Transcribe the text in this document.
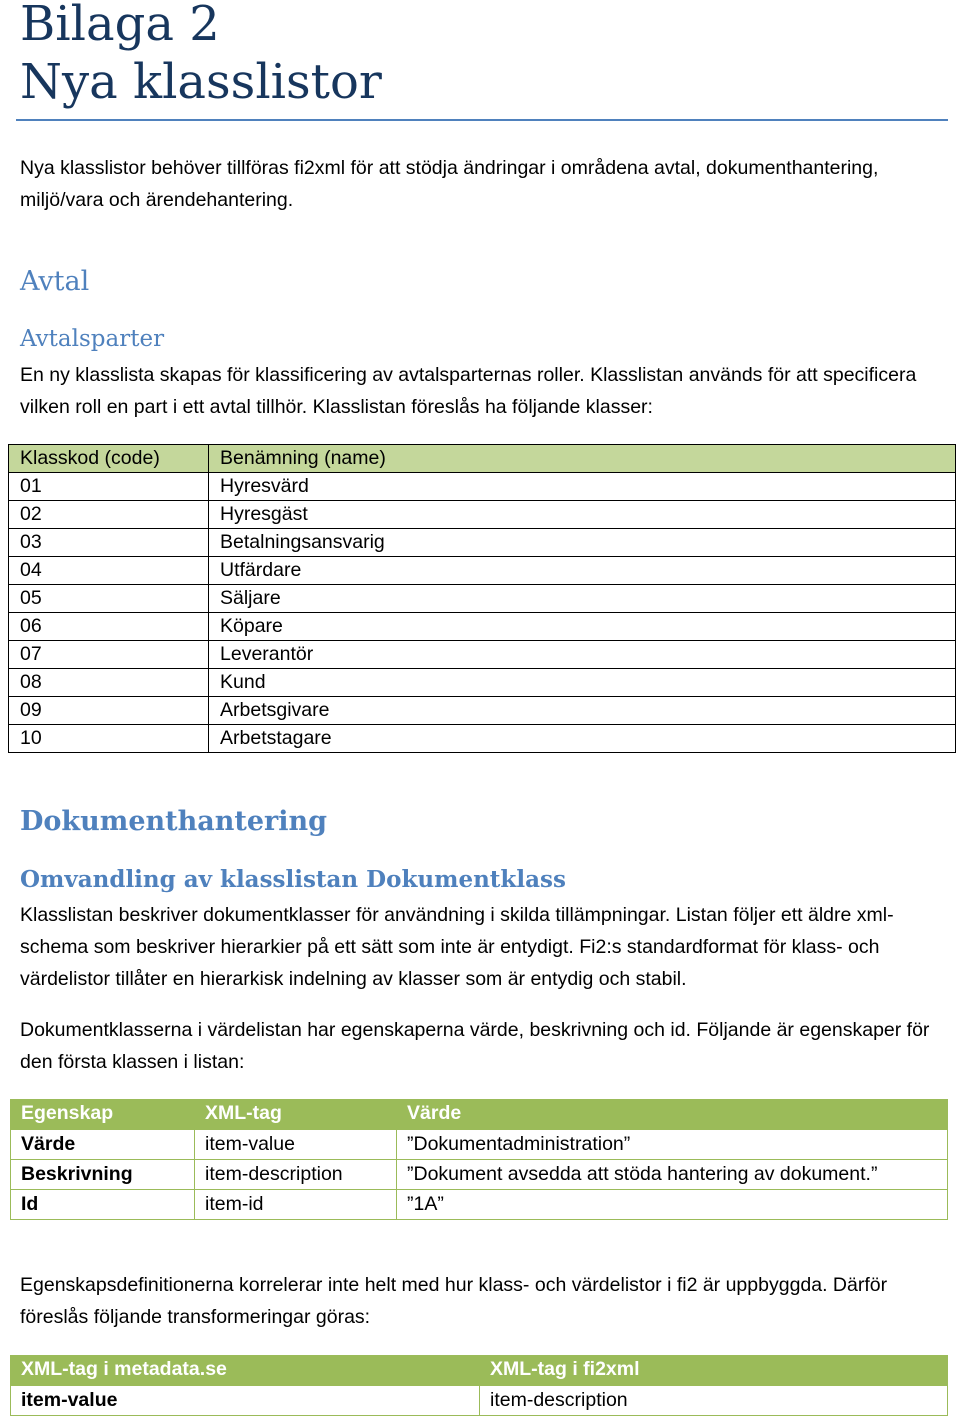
Bilaga 2
Nya klasslistor
Nya klasslistor behöver tillföras fi2xml för att stödja ändringar i områdena avtal, dokumenthantering, miljö/vara och ärendehantering.
Avtal
Avtalsparter
En ny klasslista skapas för klassificering av avtalsparternas roller. Klasslistan används för att specificera vilken roll en part i ett avtal tillhör. Klasslistan föreslås ha följande klasser:
Klasskod (code)	Benämning (name)
01	Hyresvärd
02	Hyresgäst
03	Betalningsansvarig
04	Utfärdare
05	Säljare
06	Köpare
07	Leverantör
08	Kund
09	Arbetsgivare
10	Arbetstagare
Dokumenthantering
Omvandling av klasslistan Dokumentklass
Klasslistan beskriver dokumentklasser för användning i skilda tillämpningar. Listan följer ett äldre xml-schema som beskriver hierarkier på ett sätt som inte är entydigt. Fi2:s standardformat för klass- och värdelistor tillåter en hierarkisk indelning av klasser som är entydig och stabil.
Dokumentklasserna i värdelistan har egenskaperna värde, beskrivning och id. Följande är egenskaper för den första klassen i listan:
Egenskap	XML-tag	Värde
Värde	item-value	”Dokumentadministration”
Beskrivning	item-description	”Dokument avsedda att stöda hantering av dokument.”
Id	item-id	”1A”
Egenskapsdefinitionerna korrelerar inte helt med hur klass- och värdelistor i fi2 är uppbyggda. Därför föreslås följande transformeringar göras:
XML-tag i metadata.se	XML-tag i fi2xml
item-value	item-description
